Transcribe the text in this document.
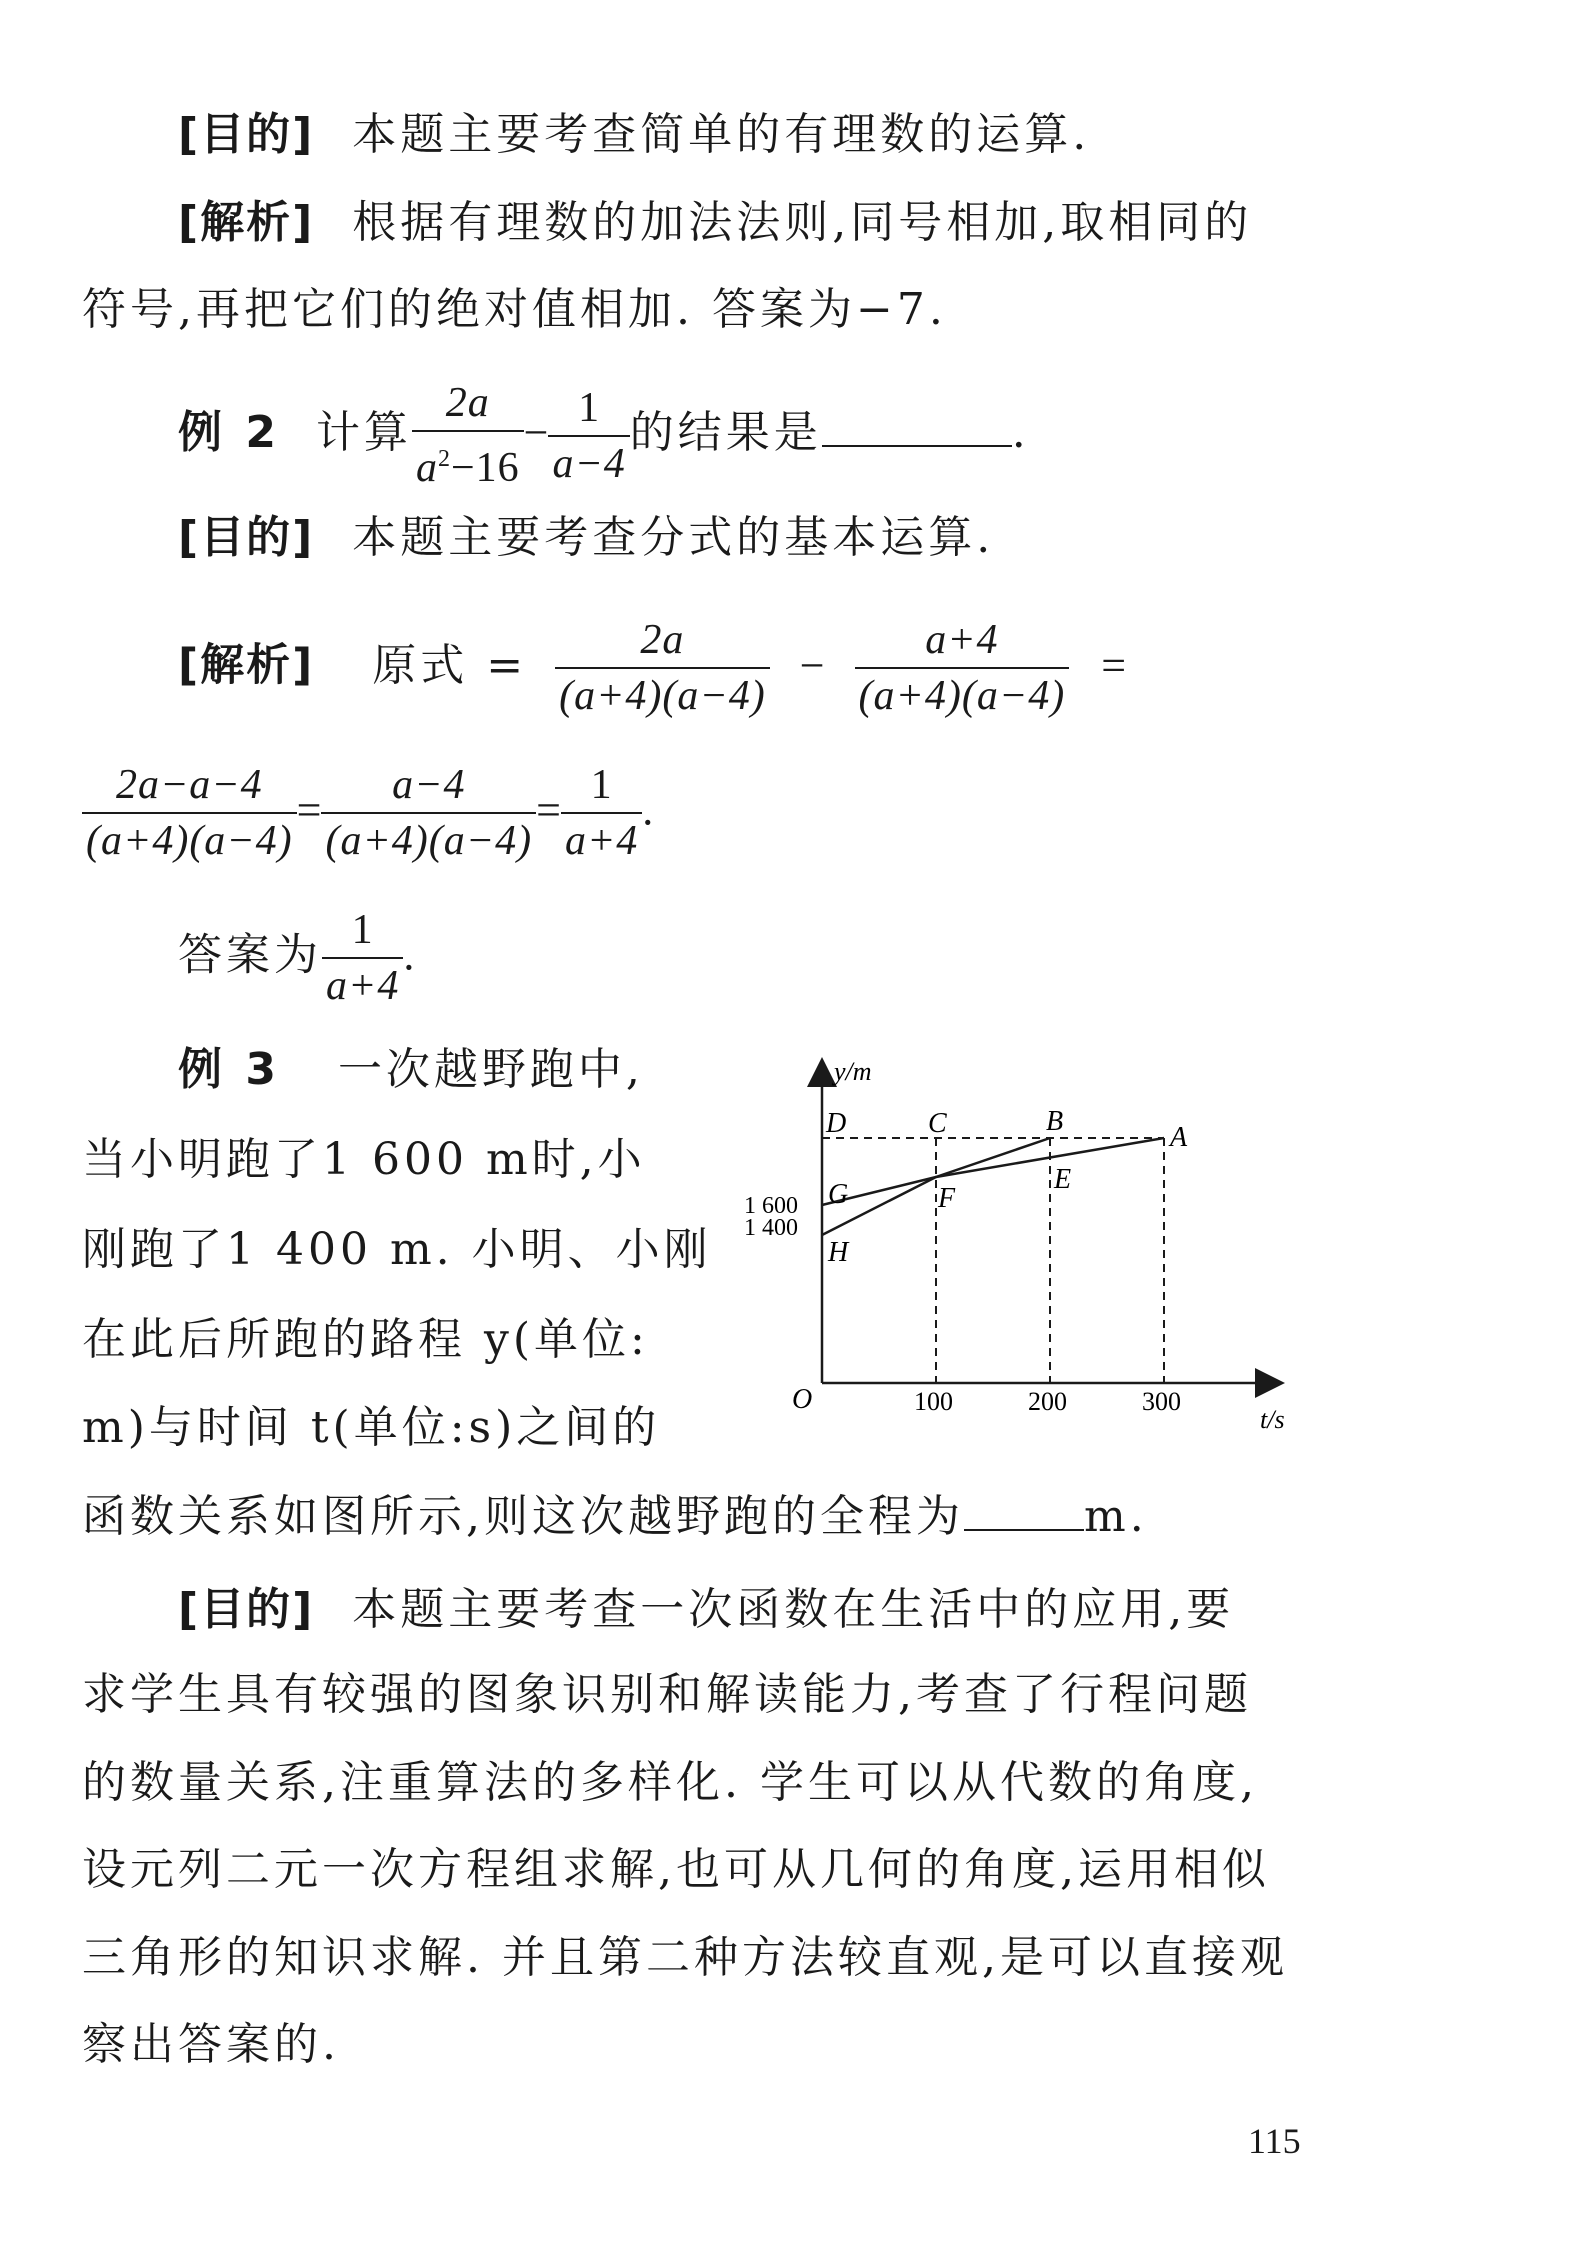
[目的] 本题主要考查简单的有理数的运算.
[解析] 根据有理数的加法法则,同号相加,取相同的
符号,再把它们的绝对值相加. 答案为−7.
例 2 计算 $\frac{2a}{a^2-16} - \frac{1}{a-4}$ 的结果是	.
[目的] 本题主要考查分式的基本运算.
[解析] 原式 = $\frac{2a}{(a+4)(a-4)} - \frac{a+4}{(a+4)(a-4)}$ =
$\frac{2a-a-4}{(a+4)(a-4)} = \frac{a-4}{(a+4)(a-4)} = \frac{1}{a+4}$ .
答案为 $\frac{1}{a+4}$ .
例 3 一次越野跑中,
当小明跑了1 600 m时,小
刚跑了1 400 m. 小明、小刚
在此后所跑的路程 y(单位:
m)与时间 t(单位:s)之间的
函数关系如图所示,则这次越野跑的全程为	m.
y/m
t/s
O	100	200	300
1 600
1 400
D	C	B
A
E
F
G
H
[目的] 本题主要考查一次函数在生活中的应用,要
求学生具有较强的图象识别和解读能力,考查了行程问题
的数量关系,注重算法的多样化. 学生可以从代数的角度,
设元列二元一次方程组求解,也可从几何的角度,运用相似
三角形的知识求解. 并且第二种方法较直观,是可以直接观
察出答案的.
115
